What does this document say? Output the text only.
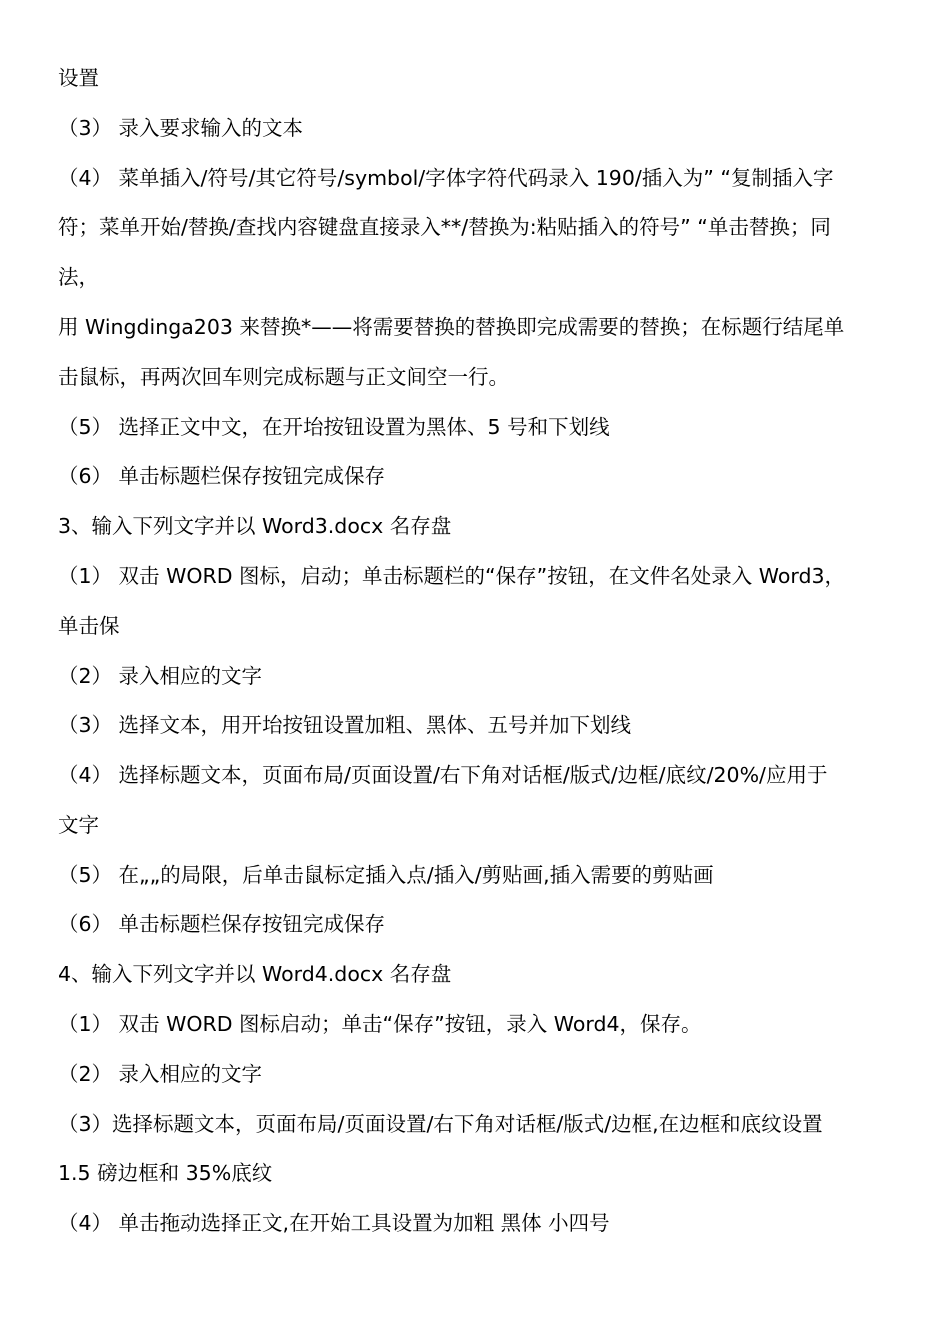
设置
（3） 录入要求输入的文本
（4） 菜单插入/符号/其它符号/symbol/字体字符代码录入 190/插入为” “复制插入字
符；菜单开始/替换/查找内容键盘直接录入**/替换为:粘贴插入的符号” “单击替换；同
法，
用 Wingdinga203 来替换*——将需要替换的替换即完成需要的替换；在标题行结尾单
击鼠标，再两次回车则完成标题与正文间空一行。
（5） 选择正文中文，在开坮按钮设置为黑体、5 号和下划线
（6） 单击标题栏保存按钮完成保存
3、输入下列文字并以 Word3.docx 名存盘
（1） 双击 WORD 图标，启动；单击标题栏的“保存”按钮，在文件名处录入 Word3，
单击保
（2） 录入相应的文字
（3） 选择文本，用开坮按钮设置加粗、黑体、五号并加下划线
（4） 选择标题文本，页面布局/页面设置/右下角对话框/版式/边框/底纹/20%/应用于
文字
（5） 在„„的局限，后单击鼠标定插入点/插入/剪贴画,插入需要的剪贴画
（6） 单击标题栏保存按钮完成保存
4、输入下列文字并以 Word4.docx 名存盘
（1） 双击 WORD 图标启动；单击“保存”按钮，录入 Word4，保存。
（2） 录入相应的文字
（3）选择标题文本，页面布局/页面设置/右下角对话框/版式/边框,在边框和底纹设置
1.5 磅边框和 35%底纹
（4） 单击拖动选择正文,在开始工具设置为加粗 黑体 小四号
